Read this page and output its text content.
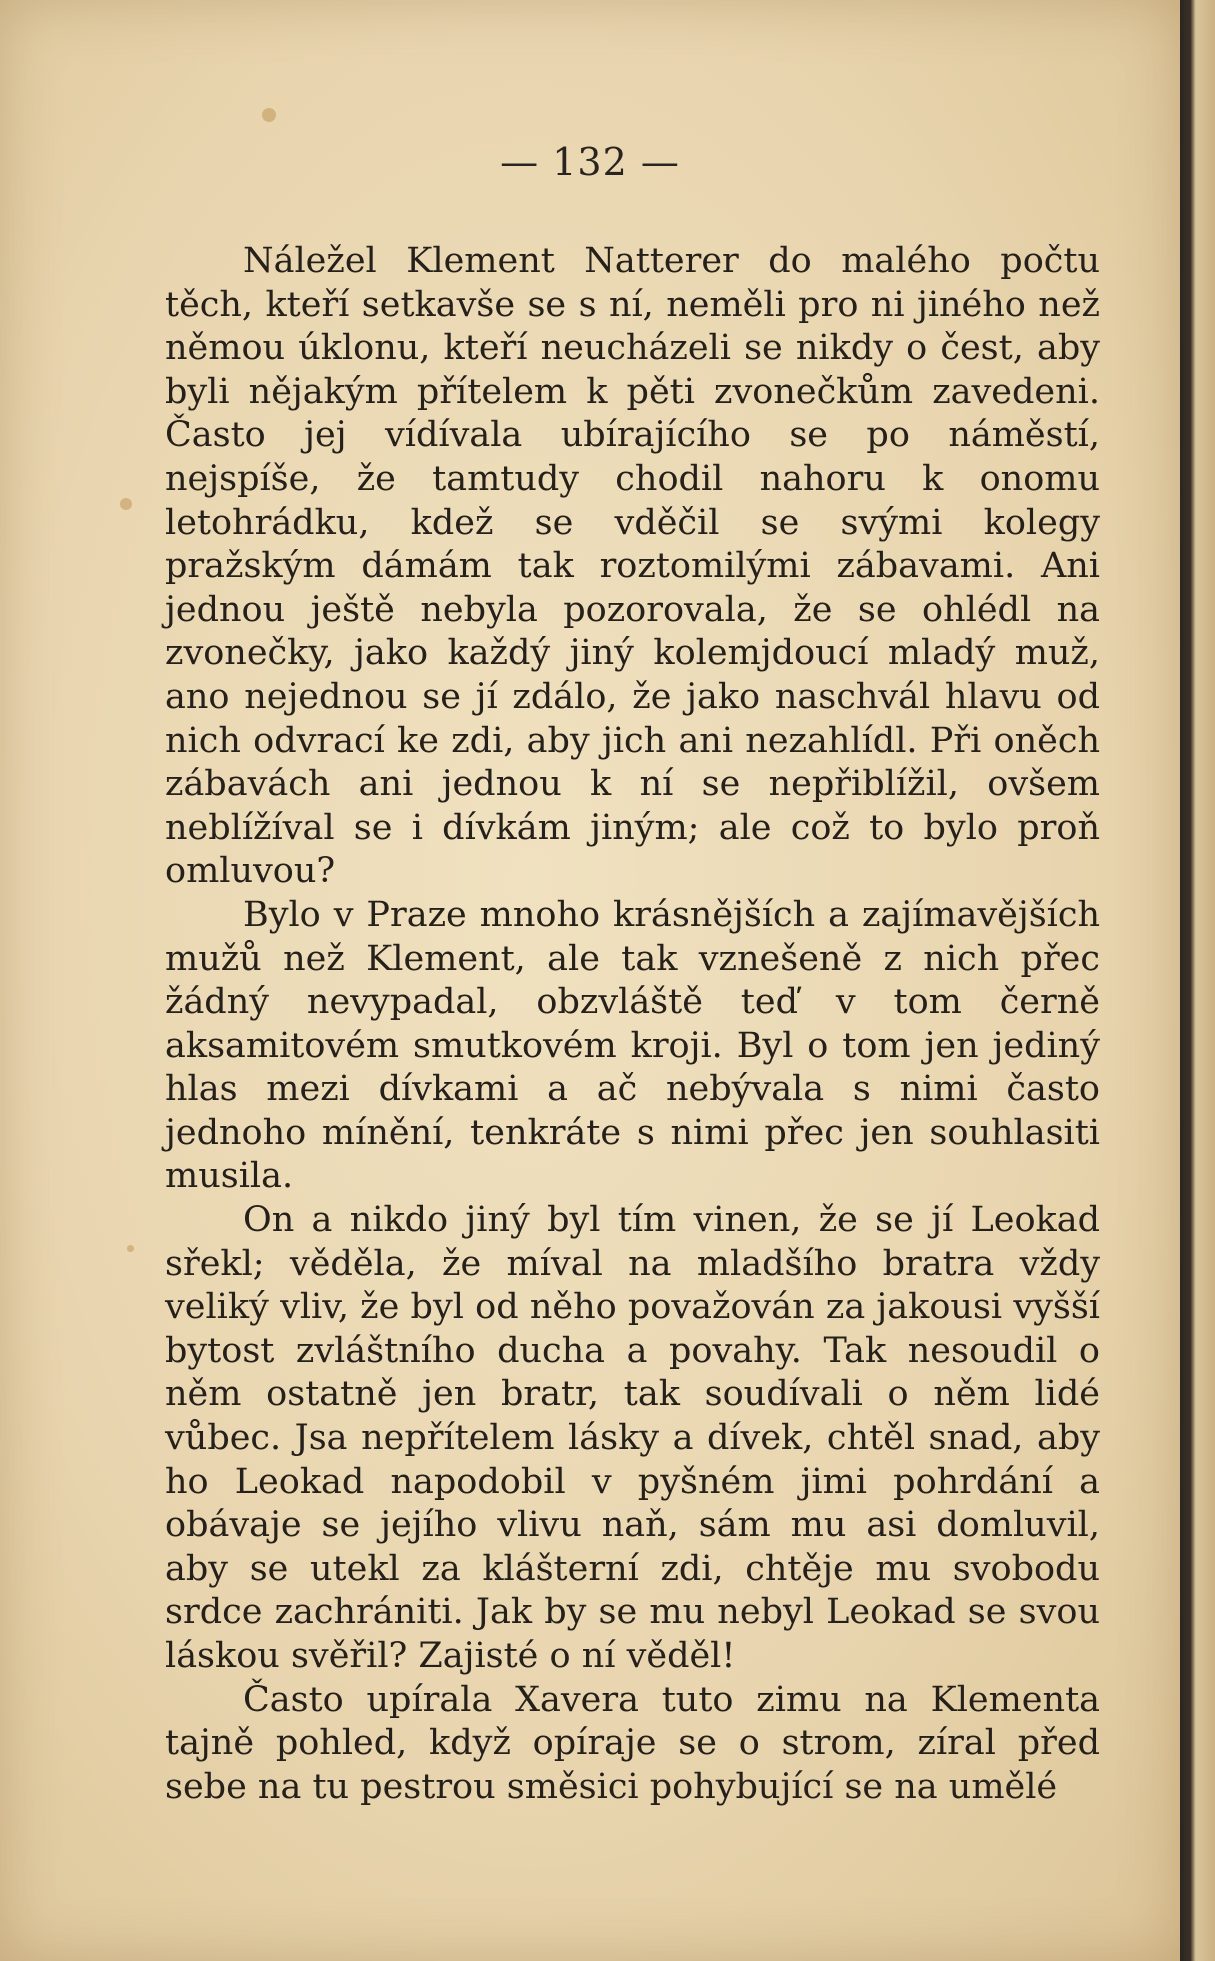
— 132 —

Náležel Klement Natterer do malého počtu těch, kteří setkavše se s ní, neměli pro ni jiného než němou úklonu, kteří neucházeli se nikdy o čest, aby byli nějakým přítelem k pěti zvonečkům zavedeni. Často jej vídívala ubírajícího se po náměstí, nejspíše, že tamtudy chodil nahoru k onomu letohrádku, kdež se vděčil se svými kolegy pražským dámám tak roztomilými zábavami. Ani jednou ještě nebyla pozorovala, že se ohlédl na zvonečky, jako každý jiný kolemjdoucí mladý muž, ano nejednou se jí zdálo, že jako naschvál hlavu od nich odvrací ke zdi, aby jich ani nezahlídl. Při oněch zábavách ani jednou k ní se nepřiblížil, ovšem neblížíval se i dívkám jiným; ale což to bylo proň omluvou?

Bylo v Praze mnoho krásnějších a zajímavějších mužů než Klement, ale tak vznešeně z nich přec žádný nevypadal, obzvláště teď v tom černě aksamitovém smutkovém kroji. Byl o tom jen jediný hlas mezi dívkami a ač nebývala s nimi často jednoho mínění, tenkráte s nimi přec jen souhlasiti musila.

On a nikdo jiný byl tím vinen, že se jí Leokad sřekl; věděla, že míval na mladšího bratra vždy veliký vliv, že byl od něho považován za jakousi vyšší bytost zvláštního ducha a povahy. Tak nesoudil o něm ostatně jen bratr, tak soudívali o něm lidé vůbec. Jsa nepřítelem lásky a dívek, chtěl snad, aby ho Leokad napodobil v pyšném jimi pohrdání a obávaje se jejího vlivu naň, sám mu asi domluvil, aby se utekl za klášterní zdi, chtěje mu svobodu srdce zachrániti. Jak by se mu nebyl Leokad se svou láskou svěřil? Zajisté o ní věděl!

Často upírala Xavera tuto zimu na Klementa tajně pohled, když opíraje se o strom, zíral před sebe na tu pestrou směsici pohybující se na umělé
